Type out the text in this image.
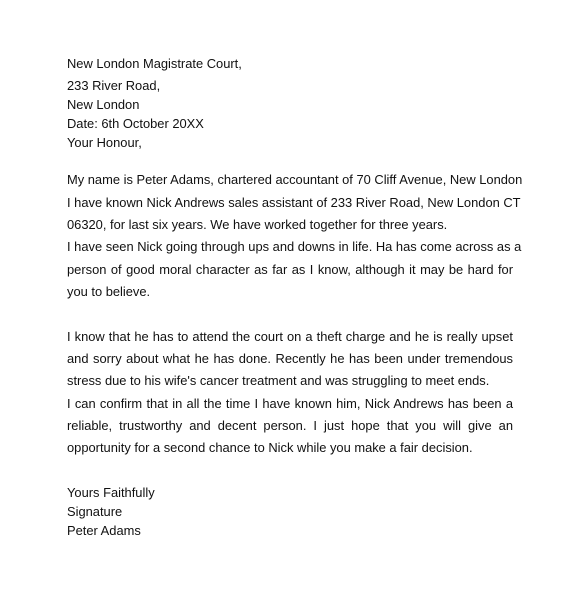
New London Magistrate Court,
233 River Road,
New London
Date: 6th October 20XX
Your Honour,
My name is Peter Adams, chartered accountant of 70 Cliff Avenue, New London
I have known Nick Andrews sales assistant of 233 River Road, New London CT
06320, for last six years. We have worked together for three years.
I have seen Nick going through ups and downs in life. Ha has come across as a
person of good moral character as far as I know, although it may be hard for
you to believe.
I know that he has to attend the court on a theft charge and he is really upset
and sorry about what he has done. Recently he has been under tremendous
stress due to his wife's cancer treatment and was struggling to meet ends.
I can confirm that in all the time I have known him, Nick Andrews has been a
reliable, trustworthy and decent person. I just hope that you will give an
opportunity for a second chance to Nick while you make a fair decision.
Yours Faithfully
Signature
Peter Adams
